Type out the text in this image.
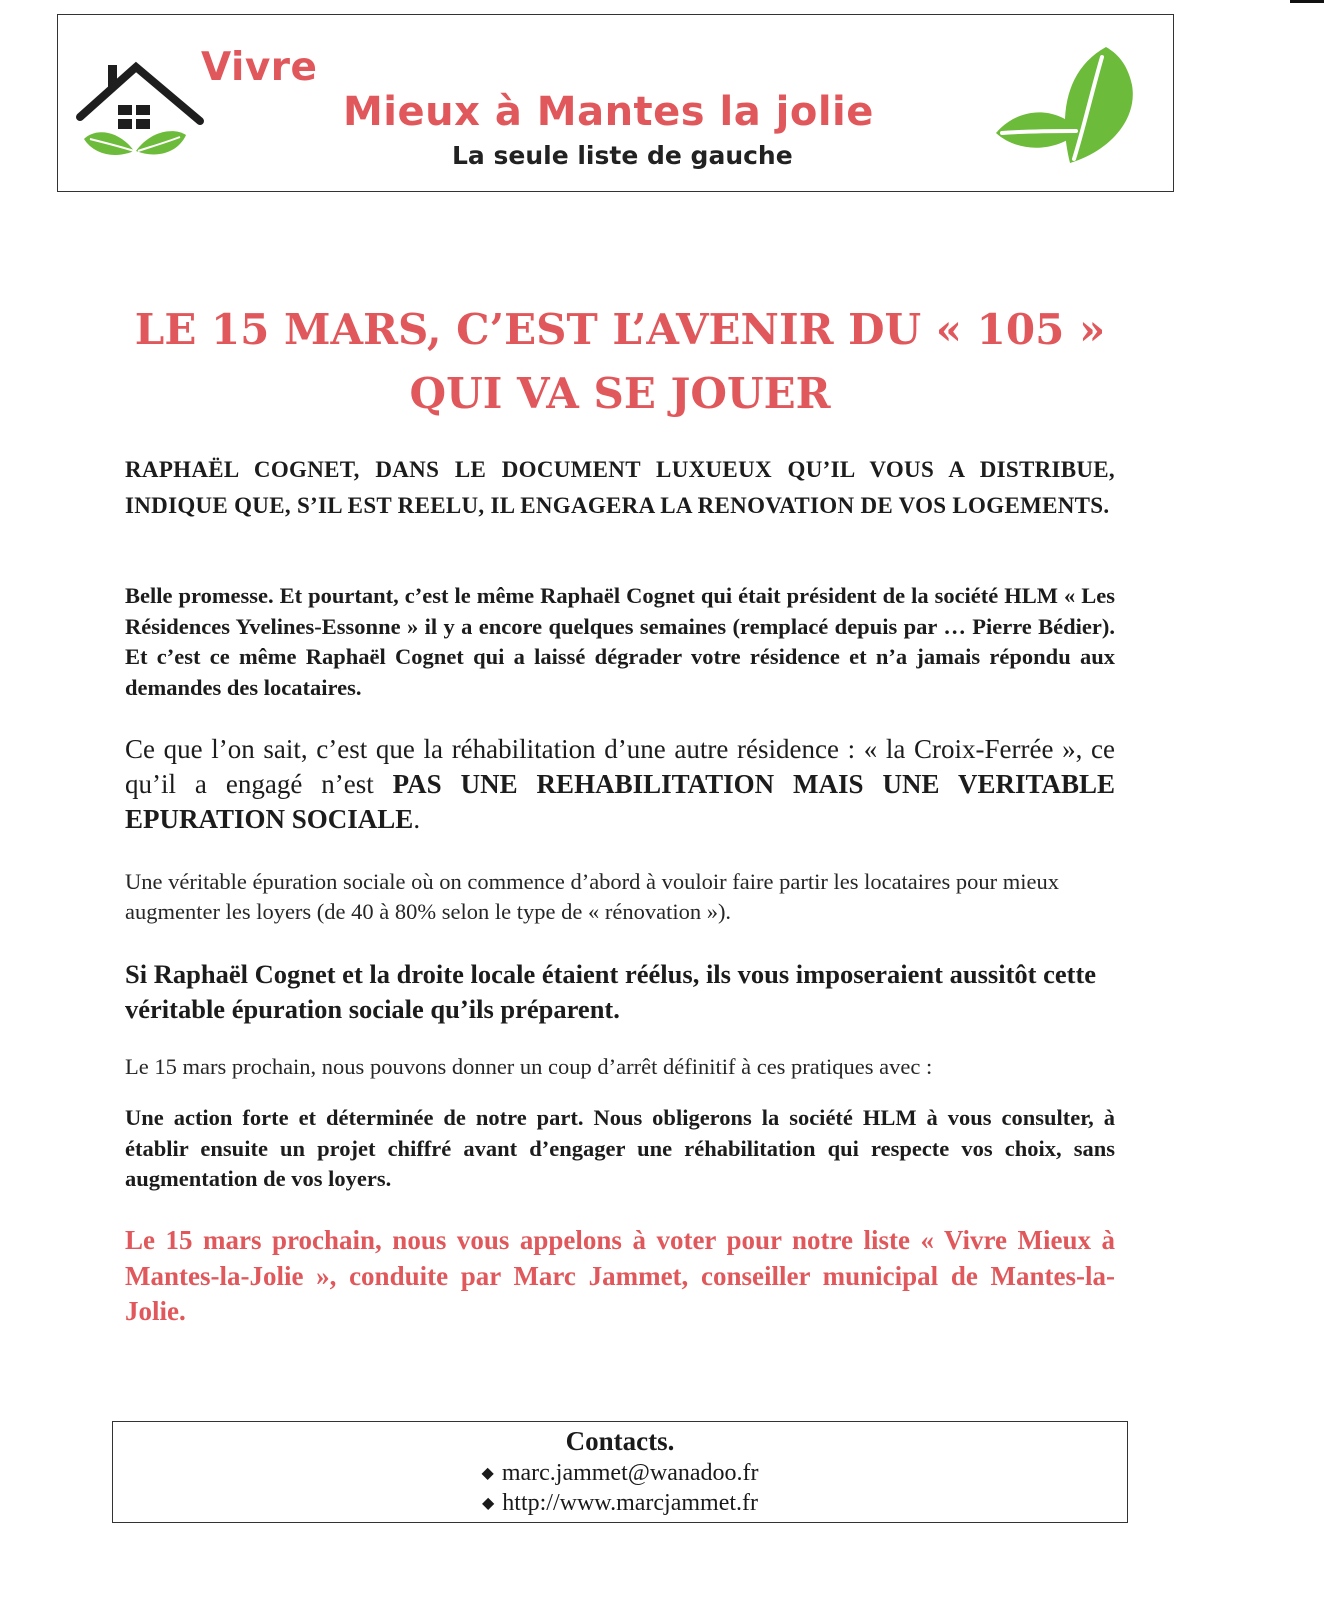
Vivre
Mieux à Mantes la jolie
La seule liste de gauche
LE 15 MARS, C’EST L’AVENIR DU « 105 »
QUI VA SE JOUER

RAPHAËL COGNET, DANS LE DOCUMENT LUXUEUX QU’IL VOUS A DISTRIBUE, INDIQUE QUE, S’IL EST REELU, IL ENGAGERA LA RENOVATION DE VOS LOGEMENTS.

Belle promesse. Et pourtant, c’est le même Raphaël Cognet qui était président de la société HLM « Les Résidences Yvelines-Essonne » il y a encore quelques semaines (remplacé depuis par … Pierre Bédier). Et c’est ce même Raphaël Cognet qui a laissé dégrader votre résidence et n’a jamais répondu aux demandes des locataires.

Ce que l’on sait, c’est que la réhabilitation d’une autre résidence : « la Croix-Ferrée », ce qu’il a engagé n’est PAS UNE REHABILITATION MAIS UNE VERITABLE EPURATION SOCIALE.

Une véritable épuration sociale où on commence d’abord à vouloir faire partir les locataires pour mieux augmenter les loyers (de 40 à 80% selon le type de « rénovation »).

Si Raphaël Cognet et la droite locale étaient réélus, ils vous imposeraient aussitôt cette véritable épuration sociale qu’ils préparent.

Le 15 mars prochain, nous pouvons donner un coup d’arrêt définitif à ces pratiques avec :

Une action forte et déterminée de notre part. Nous obligerons la société HLM à vous consulter, à établir ensuite un projet chiffré avant d’engager une réhabilitation qui respecte vos choix, sans augmentation de vos loyers.

Le 15 mars prochain, nous vous appelons à voter pour notre liste « Vivre Mieux à Mantes-la-Jolie », conduite par Marc Jammet, conseiller municipal de Mantes-la-Jolie.

Contacts.
◆ marc.jammet@wanadoo.fr
◆ http://www.marcjammet.fr
